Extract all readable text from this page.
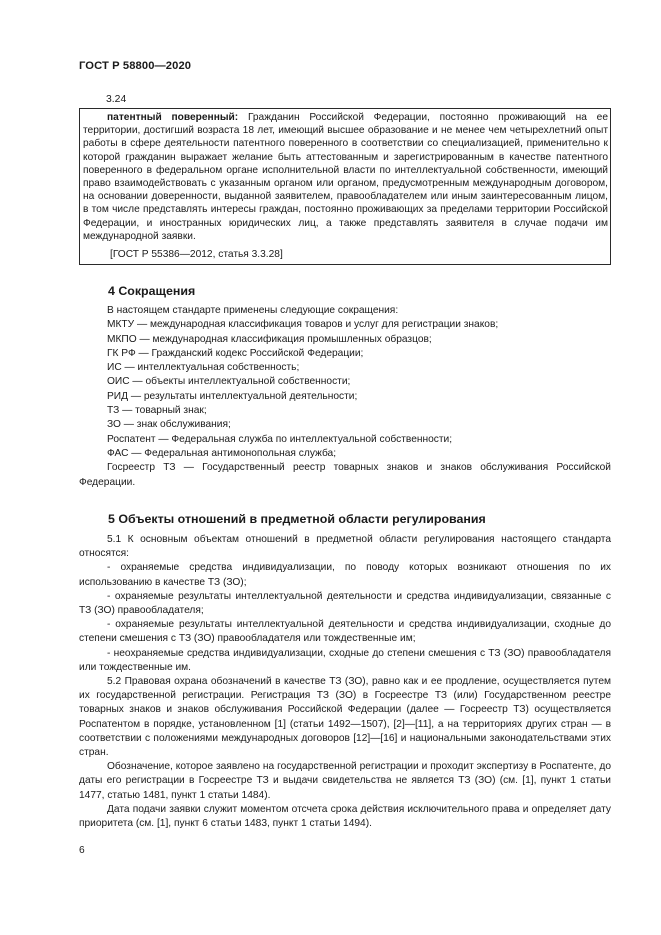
ГОСТ Р 58800—2020
3.24
патентный поверенный: Гражданин Российской Федерации, постоянно проживающий на ее территории, достигший возраста 18 лет, имеющий высшее образование и не менее чем четырехлетний опыт работы в сфере деятельности патентного поверенного в соответствии со специализацией, применительно к которой гражданин выражает желание быть аттестованным и зарегистрированным в качестве патентного поверенного в федеральном органе исполнительной власти по интеллектуальной собственности, имеющий право взаимодействовать с указанным органом или органом, предусмотренным международным договором, на основании доверенности, выданной заявителем, правообладателем или иным заинтересованным лицом, в том числе представлять интересы граждан, постоянно проживающих за пределами территории Российской Федерации, и иностранных юридических лиц, а также представлять заявителя в случае подачи им международной заявки.
[ГОСТ Р 55386—2012, статья 3.3.28]
4 Сокращения

В настоящем стандарте применены следующие сокращения:

МКТУ — международная классификация товаров и услуг для регистрации знаков;

МКПО — международная классификация промышленных образцов;

ГК РФ — Гражданский кодекс Российской Федерации;

ИС — интеллектуальная собственность;

ОИС — объекты интеллектуальной собственности;

РИД — результаты интеллектуальной деятельности;

ТЗ — товарный знак;

ЗО — знак обслуживания;

Роспатент — Федеральная служба по интеллектуальной собственности;

ФАС — Федеральная антимонопольная служба;

Госреестр ТЗ — Государственный реестр товарных знаков и знаков обслуживания Российской Федерации.

5 Объекты отношений в предметной области регулирования

5.1 К основным объектам отношений в предметной области регулирования настоящего стандарта относятся:

- охраняемые средства индивидуализации, по поводу которых возникают отношения по их использованию в качестве ТЗ (ЗО);

- охраняемые результаты интеллектуальной деятельности и средства индивидуализации, связанные с ТЗ (ЗО) правообладателя;

- охраняемые результаты интеллектуальной деятельности и средства индивидуализации, сходные до степени смешения с ТЗ (ЗО) правообладателя или тождественные им;

- неохраняемые средства индивидуализации, сходные до степени смешения с ТЗ (ЗО) правообладателя или тождественные им.

5.2 Правовая охрана обозначений в качестве ТЗ (ЗО), равно как и ее продление, осуществляется путем их государственной регистрации. Регистрация ТЗ (ЗО) в Госреестре ТЗ (или) Государственном реестре товарных знаков и знаков обслуживания Российской Федерации (далее — Госреестр ТЗ) осуществляется Роспатентом в порядке, установленном [1] (статьи 1492—1507), [2]—[11], а на территориях других стран — в соответствии с положениями международных договоров [12]—[16] и национальными законодательствами этих стран.

Обозначение, которое заявлено на государственной регистрации и проходит экспертизу в Роспатенте, до даты его регистрации в Госреестре ТЗ и выдачи свидетельства не является ТЗ (ЗО) (см. [1], пункт 1 статьи 1477, статью 1481, пункт 1 статьи 1484).

Дата подачи заявки служит моментом отсчета срока действия исключительного права и определяет дату приоритета (см. [1], пункт 6 статьи 1483, пункт 1 статьи 1494).

6
